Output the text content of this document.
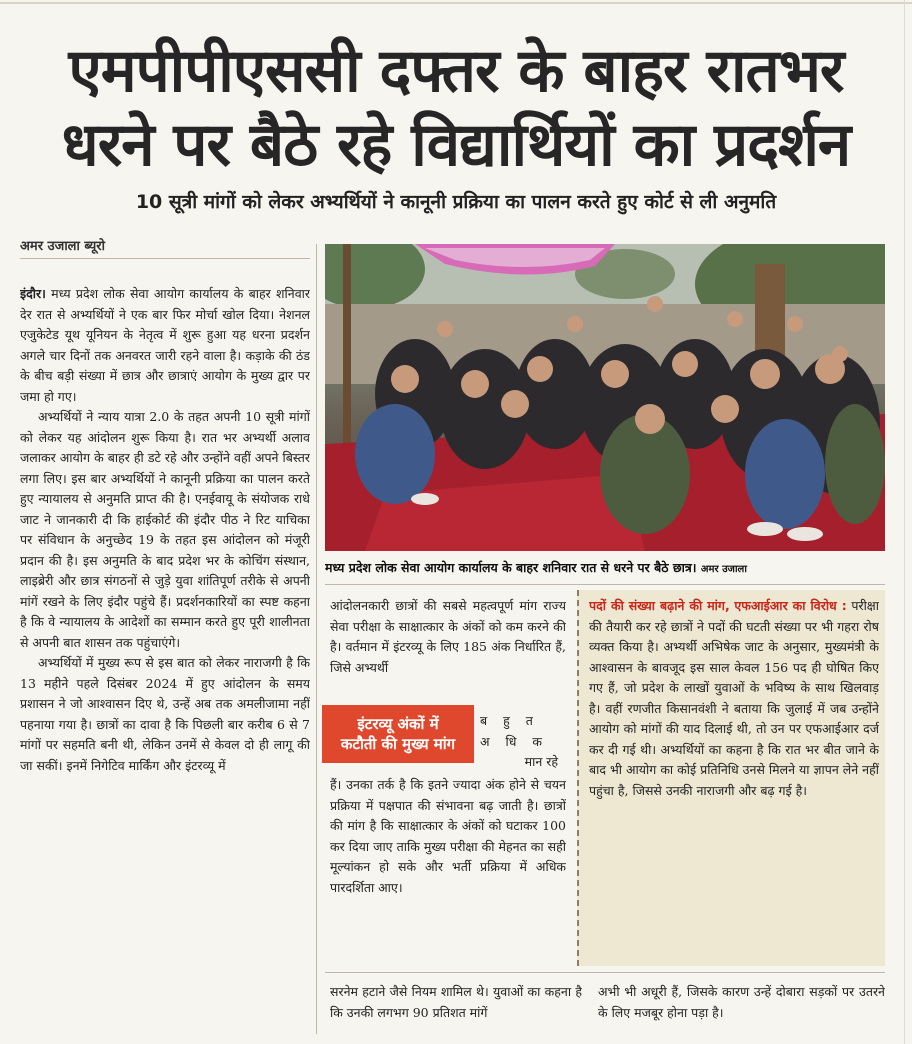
एमपीपीएससी दफ्तर के बाहर रातभर
धरने पर बैठे रहे विद्यार्थियों का प्रदर्शन
10 सूत्री मांगों को लेकर अभ्यर्थियों ने कानूनी प्रक्रिया का पालन करते हुए कोर्ट से ली अनुमति
अमर उजाला ब्यूरो

इंदौर। मध्य प्रदेश लोक सेवा आयोग कार्यालय के बाहर शनिवार देर रात से अभ्यर्थियों ने एक बार फिर मोर्चा खोल दिया। नेशनल एजुकेटेड यूथ यूनियन के नेतृत्व में शुरू हुआ यह धरना प्रदर्शन अगले चार दिनों तक अनवरत जारी रहने वाला है। कड़ाके की ठंड के बीच बड़ी संख्या में छात्र और छात्राएं आयोग के मुख्य द्वार पर जमा हो गए।

अभ्यर्थियों ने न्याय यात्रा 2.0 के तहत अपनी 10 सूत्री मांगों को लेकर यह आंदोलन शुरू किया है। रात भर अभ्यर्थी अलाव जलाकर आयोग के बाहर ही डटे रहे और उन्होंने वहीं अपने बिस्तर लगा लिए। इस बार अभ्यर्थियों ने कानूनी प्रक्रिया का पालन करते हुए न्यायालय से अनुमति प्राप्त की है। एनईवायू के संयोजक राधे जाट ने जानकारी दी कि हाईकोर्ट की इंदौर पीठ ने रिट याचिका पर संविधान के अनुच्छेद 19 के तहत इस आंदोलन को मंजूरी प्रदान की है। इस अनुमति के बाद प्रदेश भर के कोचिंग संस्थान, लाइब्रेरी और छात्र संगठनों से जुड़े युवा शांतिपूर्ण तरीके से अपनी मांगें रखने के लिए इंदौर पहुंचे हैं। प्रदर्शनकारियों का स्पष्ट कहना है कि वे न्यायालय के आदेशों का सम्मान करते हुए पूरी शालीनता से अपनी बात शासन तक पहुंचाएंगे।

अभ्यर्थियों में मुख्य रूप से इस बात को लेकर नाराजगी है कि 13 महीने पहले दिसंबर 2024 में हुए आंदोलन के समय प्रशासन ने जो आश्वासन दिए थे, उन्हें अब तक अमलीजामा नहीं पहनाया गया है। छात्रों का दावा है कि पिछली बार करीब 6 से 7 मांगों पर सहमति बनी थी, लेकिन उनमें से केवल दो ही लागू की जा सकीं। इनमें निगेटिव मार्किंग और इंटरव्यू में

मध्य प्रदेश लोक सेवा आयोग कार्यालय के बाहर शनिवार रात से धरने पर बैठे छात्र। अमर उजाला
आंदोलनकारी छात्रों की सबसे महत्वपूर्ण मांग राज्य सेवा परीक्षा के साक्षात्कार के अंकों को कम करने की है। वर्तमान में इंटरव्यू के लिए 185 अंक निर्धारित हैं, जिसे अभ्यर्थी
इंटरव्यू अंकों में
कटौती की मुख्य मांग
ब हु त
अ धि क
मान रहे
हैं। उनका तर्क है कि इतने ज्यादा अंक होने से चयन प्रक्रिया में पक्षपात की संभावना बढ़ जाती है। छात्रों की मांग है कि साक्षात्कार के अंकों को घटाकर 100 कर दिया जाए ताकि मुख्य परीक्षा की मेहनत का सही मूल्यांकन हो सके और भर्ती प्रक्रिया में अधिक पारदर्शिता आए।
पदों की संख्या बढ़ाने की मांग, एफआईआर का विरोध : परीक्षा की तैयारी कर रहे छात्रों ने पदों की घटती संख्या पर भी गहरा रोष व्यक्त किया है। अभ्यर्थी अभिषेक जाट के अनुसार, मुख्यमंत्री के आश्वासन के बावजूद इस साल केवल 156 पद ही घोषित किए गए हैं, जो प्रदेश के लाखों युवाओं के भविष्य के साथ खिलवाड़ है। वहीं रणजीत किसानवंशी ने बताया कि जुलाई में जब उन्होंने आयोग को मांगों की याद दिलाई थी, तो उन पर एफआईआर दर्ज कर दी गई थी। अभ्यर्थियों का कहना है कि रात भर बीत जाने के बाद भी आयोग का कोई प्रतिनिधि उनसे मिलने या ज्ञापन लेने नहीं पहुंचा है, जिससे उनकी नाराजगी और बढ़ गई है।
सरनेम हटाने जैसे नियम शामिल थे। युवाओं का कहना है कि उनकी लगभग 90 प्रतिशत मांगें
अभी भी अधूरी हैं, जिसके कारण उन्हें दोबारा सड़कों पर उतरने के लिए मजबूर होना पड़ा है।
